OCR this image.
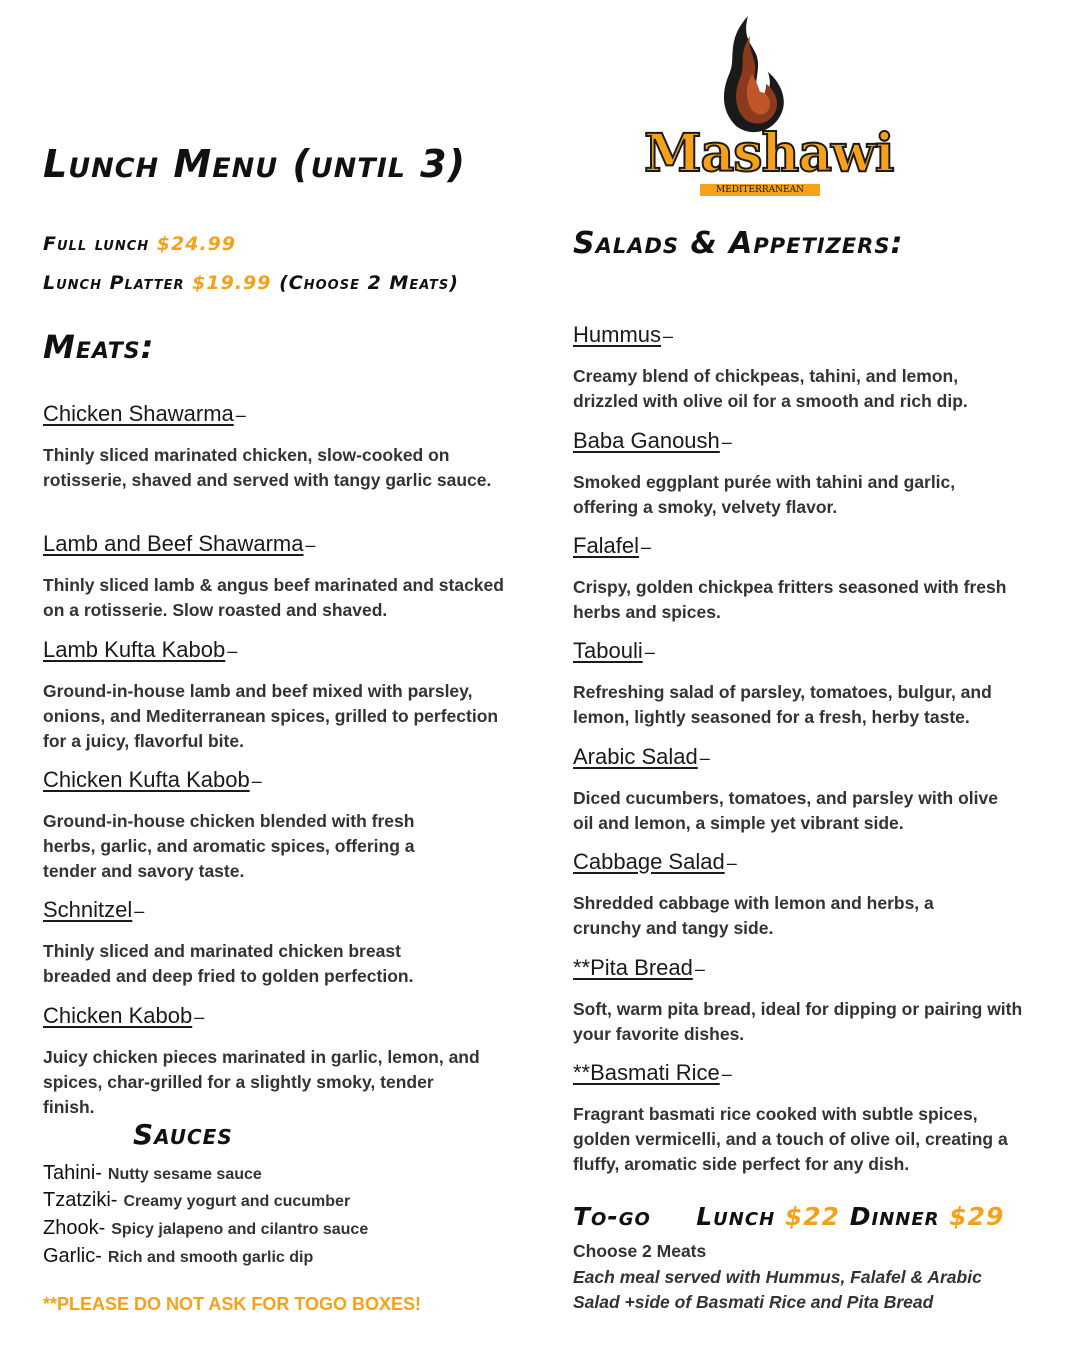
Mashawi
MEDITERRANEAN
Lunch Menu (until 3)
Full lunch $24.99
Lunch Platter $19.99 (Choose 2 Meats)
Meats:

Chicken Shawarma –

Thinly sliced marinated chicken, slow-cooked on rotisserie, shaved and served with tangy garlic sauce.

Lamb and Beef Shawarma –

Thinly sliced lamb & angus beef marinated and stacked on a rotisserie. Slow roasted and shaved.

Lamb Kufta Kabob –

Ground-in-house lamb and beef mixed with parsley, onions, and Mediterranean spices, grilled to perfection for a juicy, flavorful bite.

Chicken Kufta Kabob –

Ground-in-house chicken blended with fresh herbs, garlic, and aromatic spices, offering a tender and savory taste.

Schnitzel –

Thinly sliced and marinated chicken breast breaded and deep fried to golden perfection.

Chicken Kabob –

Juicy chicken pieces marinated in garlic, lemon, and spices, char-grilled for a slightly smoky, tender finish.

Sauces
Tahini- Nutty sesame sauce
Tzatziki- Creamy yogurt and cucumber
Zhook- Spicy jalapeno and cilantro sauce
Garlic- Rich and smooth garlic dip
**PLEASE DO NOT ASK FOR TOGO BOXES!
Salads & Appetizers:

Hummus –

Creamy blend of chickpeas, tahini, and lemon, drizzled with olive oil for a smooth and rich dip.

Baba Ganoush –

Smoked eggplant purée with tahini and garlic, offering a smoky, velvety flavor.

Falafel –

Crispy, golden chickpea fritters seasoned with fresh herbs and spices.

Tabouli –

Refreshing salad of parsley, tomatoes, bulgur, and lemon, lightly seasoned for a fresh, herby taste.

Arabic Salad –

Diced cucumbers, tomatoes, and parsley with olive oil and lemon, a simple yet vibrant side.

Cabbage Salad –

Shredded cabbage with lemon and herbs, a crunchy and tangy side.

**Pita Bread –

Soft, warm pita bread, ideal for dipping or pairing with your favorite dishes.

**Basmati Rice –

Fragrant basmati rice cooked with subtle spices, golden vermicelli, and a touch of olive oil, creating a fluffy, aromatic side perfect for any dish.

To-go Lunch $22 Dinner $29
Choose 2 Meats
Each meal served with Hummus, Falafel & Arabic Salad +side of Basmati Rice and Pita Bread
